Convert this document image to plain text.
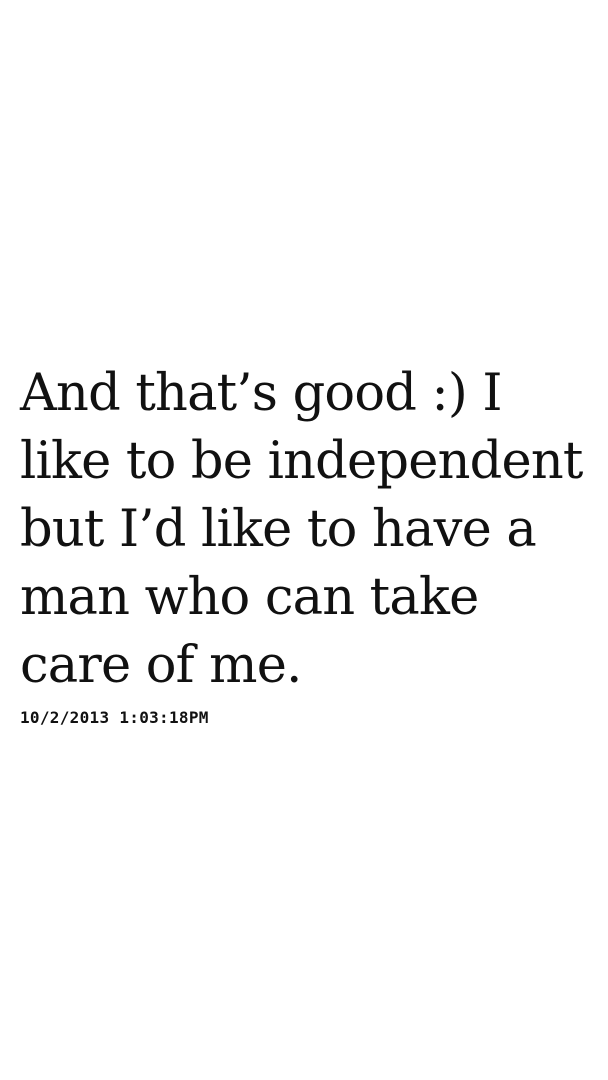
And that’s good :) I
like to be independent
but I’d like to have a
man who can take
care of me.

10/2/2013 1:03:18PM
